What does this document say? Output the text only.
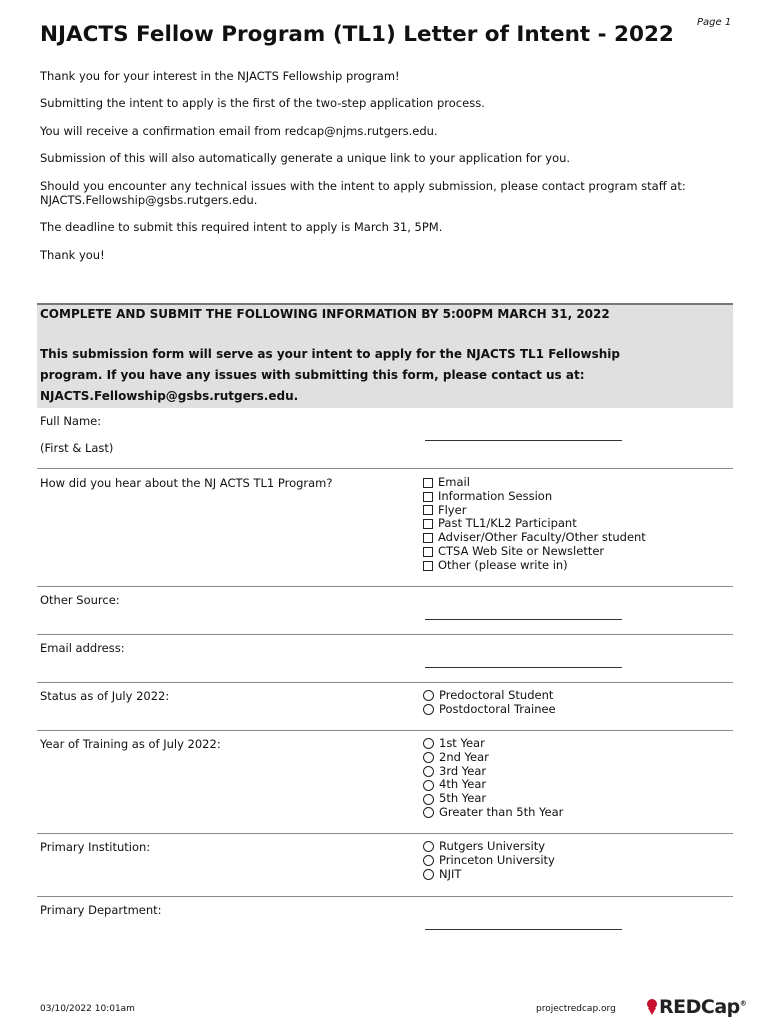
Page 1
NJACTS Fellow Program (TL1) Letter of Intent - 2022

Thank you for your interest in the NJACTS Fellowship program!

Submitting the intent to apply is the first of the two-step application process.

You will receive a confirmation email from redcap@njms.rutgers.edu.

Submission of this will also automatically generate a unique link to your application for you.

Should you encounter any technical issues with the intent to apply submission, please contact program staff at:

NJACTS.Fellowship@gsbs.rutgers.edu.

The deadline to submit this required intent to apply is March 31, 5PM.

Thank you!

COMPLETE AND SUBMIT THE FOLLOWING INFORMATION BY 5:00PM MARCH 31, 2022

This submission form will serve as your intent to apply for the NJACTS TL1 Fellowship
program. If you have any issues with submitting this form, please contact us at:
NJACTS.Fellowship@gsbs.rutgers.edu.

Full Name:

(First & Last)

How did you hear about the NJ ACTS TL1 Program?	Email
Information Session
Flyer
Past TL1/KL2 Participant
Adviser/Other Faculty/Other student
CTSA Web Site or Newsletter
Other (please write in)

Other Source:

Email address:

Status as of July 2022:	Predoctoral Student
Postdoctoral Trainee

Year of Training as of July 2022:	1st Year
2nd Year
3rd Year
4th Year
5th Year
Greater than 5th Year

Primary Institution:	Rutgers University
Princeton University
NJIT

Primary Department:

03/10/2022 10:01am	projectredcap.org REDCap®
